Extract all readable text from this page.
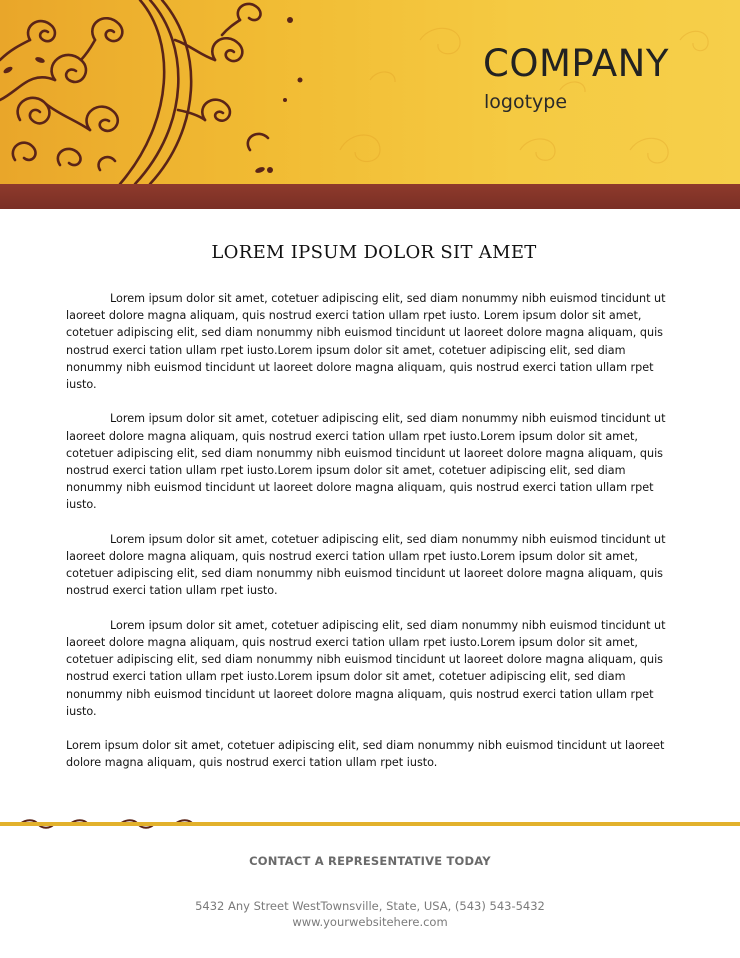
COMPANY
logotype
LOREM IPSUM DOLOR SIT AMET

Lorem ipsum dolor sit amet, cotetuer adipiscing elit, sed diam nonummy nibh euismod tincidunt ut laoreet dolore magna aliquam, quis nostrud exerci tation ullam rpet iusto. Lorem ipsum dolor sit amet, cotetuer adipiscing elit, sed diam nonummy nibh euismod tincidunt ut laoreet dolore magna aliquam, quis nostrud exerci tation ullam rpet iusto.Lorem ipsum dolor sit amet, cotetuer adipiscing elit, sed diam nonummy nibh euismod tincidunt ut laoreet dolore magna aliquam, quis nostrud exerci tation ullam rpet iusto.

Lorem ipsum dolor sit amet, cotetuer adipiscing elit, sed diam nonummy nibh euismod tincidunt ut laoreet dolore magna aliquam, quis nostrud exerci tation ullam rpet iusto.Lorem ipsum dolor sit amet, cotetuer adipiscing elit, sed diam nonummy nibh euismod tincidunt ut laoreet dolore magna aliquam, quis nostrud exerci tation ullam rpet iusto.Lorem ipsum dolor sit amet, cotetuer adipiscing elit, sed diam nonummy nibh euismod tincidunt ut laoreet dolore magna aliquam, quis nostrud exerci tation ullam rpet iusto.

Lorem ipsum dolor sit amet, cotetuer adipiscing elit, sed diam nonummy nibh euismod tincidunt ut laoreet dolore magna aliquam, quis nostrud exerci tation ullam rpet iusto.Lorem ipsum dolor sit amet, cotetuer adipiscing elit, sed diam nonummy nibh euismod tincidunt ut laoreet dolore magna aliquam, quis nostrud exerci tation ullam rpet iusto.

Lorem ipsum dolor sit amet, cotetuer adipiscing elit, sed diam nonummy nibh euismod tincidunt ut laoreet dolore magna aliquam, quis nostrud exerci tation ullam rpet iusto.Lorem ipsum dolor sit amet, cotetuer adipiscing elit, sed diam nonummy nibh euismod tincidunt ut laoreet dolore magna aliquam, quis nostrud exerci tation ullam rpet iusto.Lorem ipsum dolor sit amet, cotetuer adipiscing elit, sed diam nonummy nibh euismod tincidunt ut laoreet dolore magna aliquam, quis nostrud exerci tation ullam rpet iusto.

Lorem ipsum dolor sit amet, cotetuer adipiscing elit, sed diam nonummy nibh euismod tincidunt ut laoreet dolore magna aliquam, quis nostrud exerci tation ullam rpet iusto.

CONTACT A REPRESENTATIVE TODAY
5432 Any Street WestTownsville, State, USA, (543) 543-5432
www.yourwebsitehere.com
